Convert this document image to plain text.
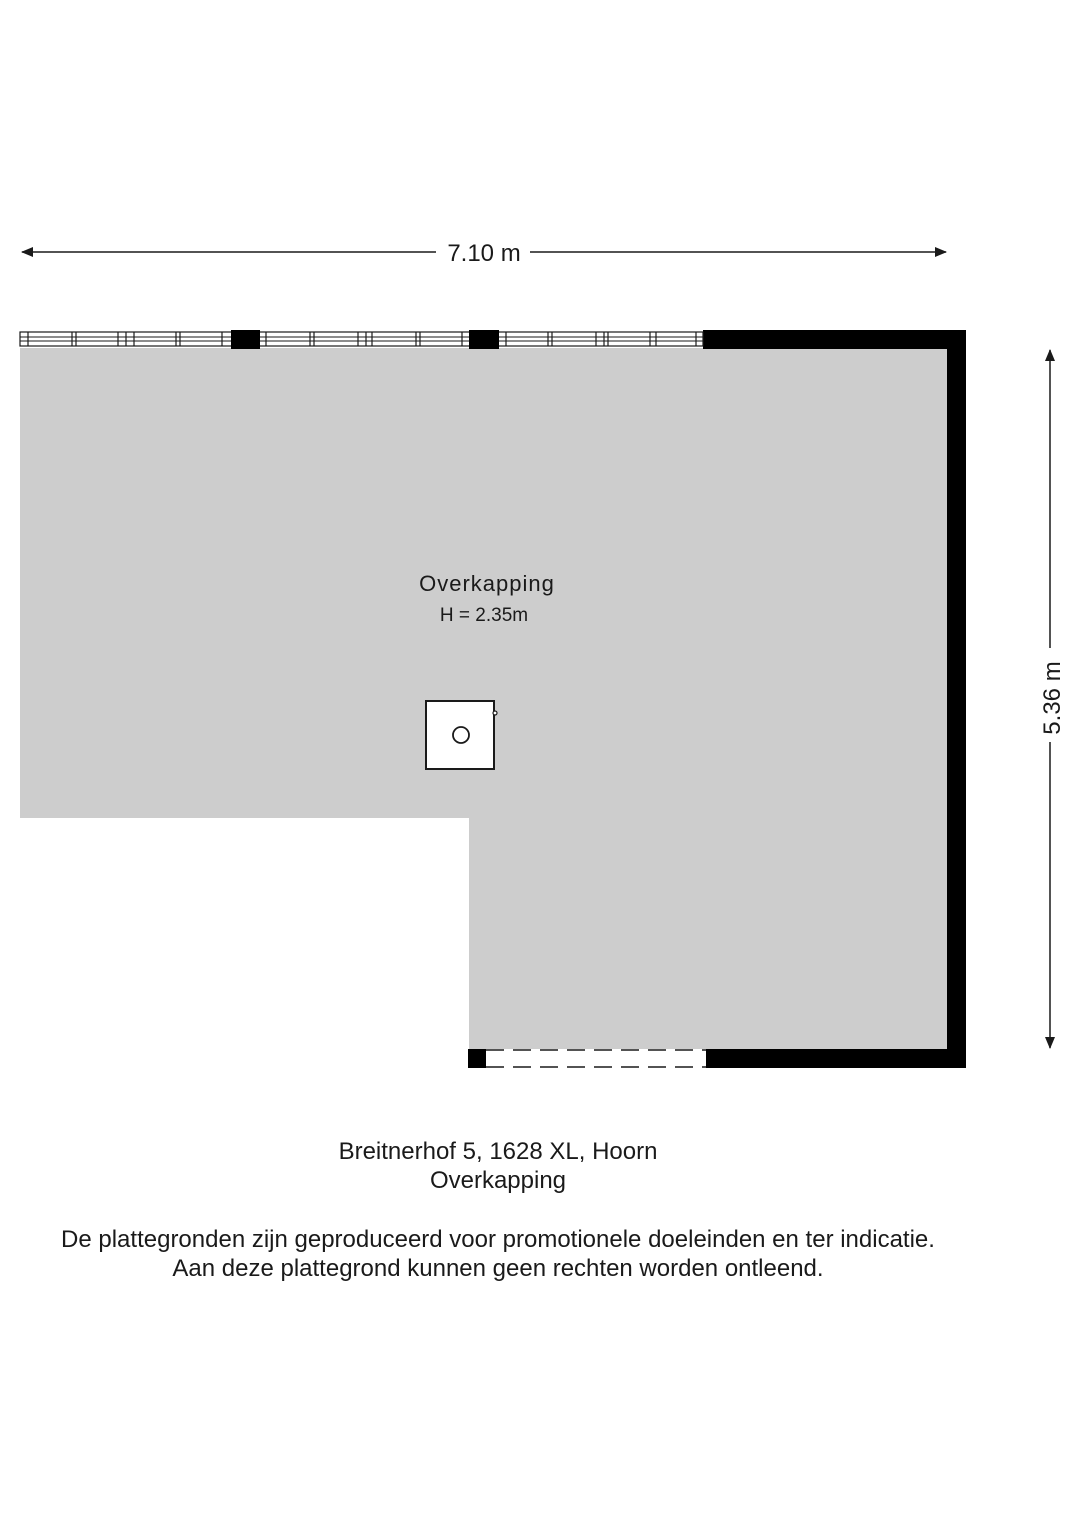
7.10 m
5.36 m
Overkapping
H = 2.35m
Breitnerhof 5, 1628 XL, Hoorn
Overkapping
De plattegronden zijn geproduceerd voor promotionele doeleinden en ter indicatie.
Aan deze plattegrond kunnen geen rechten worden ontleend.
